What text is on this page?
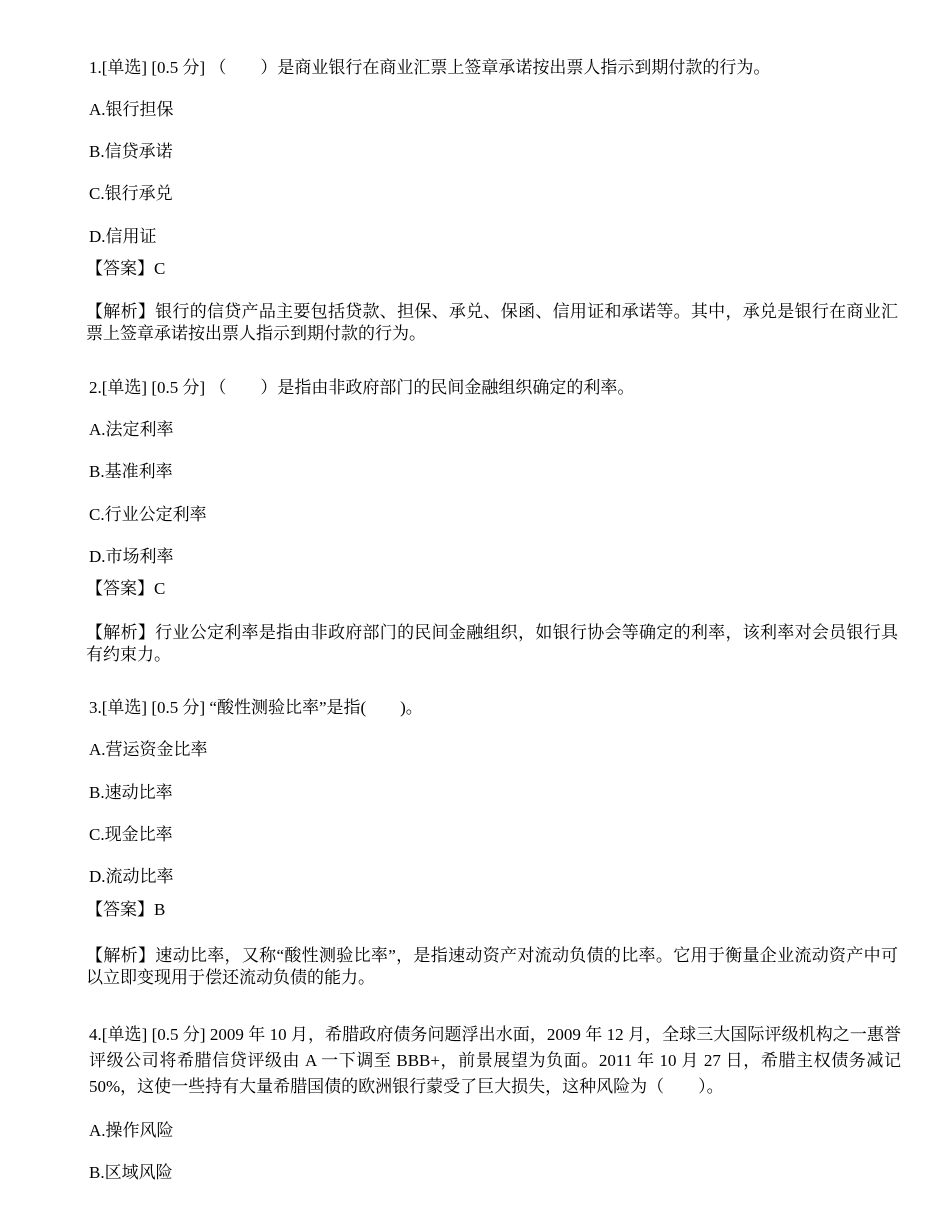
1.[单选] [0.5 分] （　　）是商业银行在商业汇票上签章承诺按出票人指示到期付款的行为。
A.银行担保
B.信贷承诺
C.银行承兑
D.信用证
【答案】C
【解析】银行的信贷产品主要包括贷款、担保、承兑、保函、信用证和承诺等。其中，承兑是银行在商业汇票上签章承诺按出票人指示到期付款的行为。
2.[单选] [0.5 分] （　　）是指由非政府部门的民间金融组织确定的利率。
A.法定利率
B.基准利率
C.行业公定利率
D.市场利率
【答案】C
【解析】行业公定利率是指由非政府部门的民间金融组织，如银行协会等确定的利率，该利率对会员银行具有约束力。
3.[单选] [0.5 分] “酸性测验比率”是指(　　)。
A.营运资金比率
B.速动比率
C.现金比率
D.流动比率
【答案】B
【解析】速动比率，又称“酸性测验比率”，是指速动资产对流动负债的比率。它用于衡量企业流动资产中可以立即变现用于偿还流动负债的能力。
4.[单选] [0.5 分] 2009 年 10 月，希腊政府债务问题浮出水面，2009 年 12 月，全球三大国际评级机构之一惠誉评级公司将希腊信贷评级由 A 一下调至 BBB+，前景展望为负面。2011 年 10 月 27 日，希腊主权债务减记 50%，这使一些持有大量希腊国债的欧洲银行蒙受了巨大损失，这种风险为（　　）。
A.操作风险
B.区域风险
